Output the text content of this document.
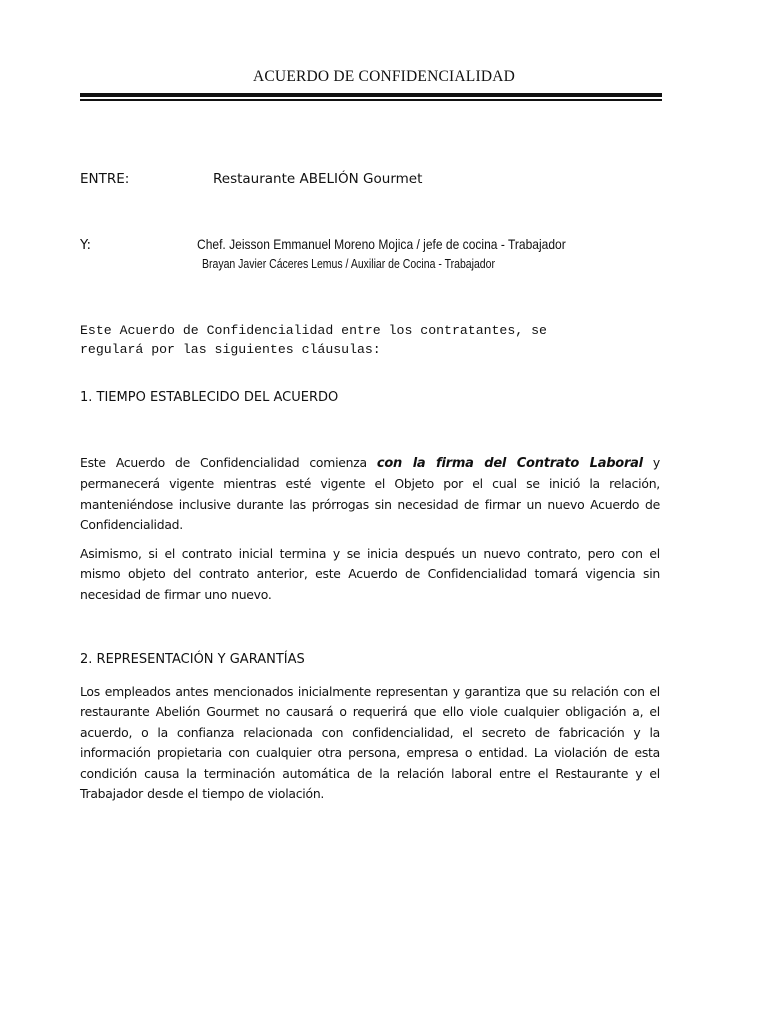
ACUERDO DE CONFIDENCIALIDAD
ENTRE:	Restaurante ABELIÓN Gourmet
Y:	Chef. Jeisson Emmanuel Moreno Mojica / jefe de cocina - Trabajador
Brayan Javier Cáceres Lemus / Auxiliar de Cocina - Trabajador
Este Acuerdo de Confidencialidad entre los contratantes, se
regulará por las siguientes cláusulas:
1. TIEMPO ESTABLECIDO DEL ACUERDO
Este Acuerdo de Confidencialidad comienza con la firma del Contrato Laboral y permanecerá vigente mientras esté vigente el Objeto por el cual se inició la relación, manteniéndose inclusive durante las prórrogas sin necesidad de firmar un nuevo Acuerdo de Confidencialidad.
Asimismo, si el contrato inicial termina y se inicia después un nuevo contrato, pero con el mismo objeto del contrato anterior, este Acuerdo de Confidencialidad tomará vigencia sin necesidad de firmar uno nuevo.
2. REPRESENTACIÓN Y GARANTÍAS
Los empleados antes mencionados inicialmente representan y garantiza que su relación con el restaurante Abelión Gourmet no causará o requerirá que ello viole cualquier obligación a, el acuerdo, o la confianza relacionada con confidencialidad, el secreto de fabricación y la información propietaria con cualquier otra persona, empresa o entidad. La violación de esta condición causa la terminación automática de la relación laboral entre el Restaurante y el Trabajador desde el tiempo de violación.
